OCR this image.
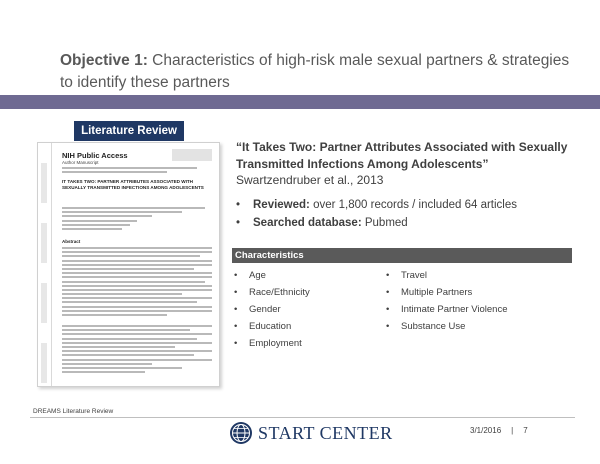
Objective 1: Characteristics of high-risk male sexual partners & strategies to identify these partners
Literature Review
NIH Public Access
Author Manuscript
IT TAKES TWO: PARTNER ATTRIBUTES ASSOCIATED WITH SEXUALLY TRANSMITTED INFECTIONS AMONG ADOLESCENTS
Abstract
“It Takes Two: Partner Attributes Associated with Sexually Transmitted Infections Among Adolescents”
Swartzendruber et al., 2013
•	Reviewed: over 1,800 records / included 64 articles
•	Searched database: Pubmed
Characteristics
•	Age
•	Race/Ethnicity
•	Gender
•	Education
•	Employment
•	Travel
•	Multiple Partners
•	Intimate Partner Violence
•	Substance Use
DREAMS Literature Review
START CENTER	3/1/2016 | 7
